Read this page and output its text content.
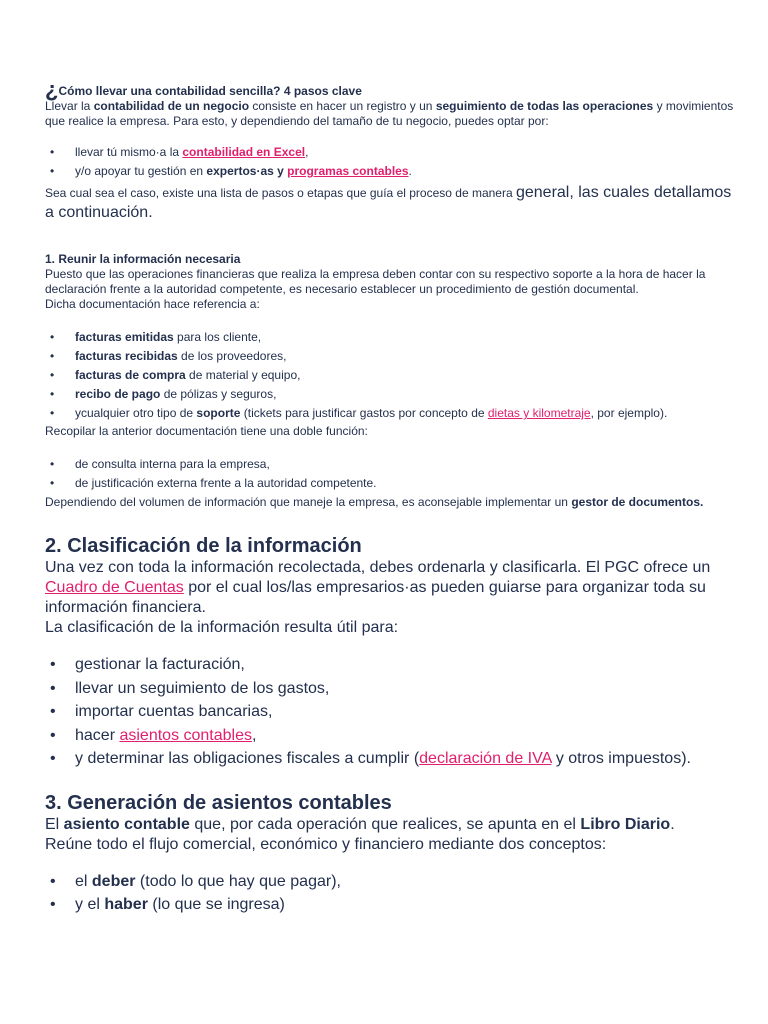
¿Cómo llevar una contabilidad sencilla? 4 pasos clave

Llevar la contabilidad de un negocio consiste en hacer un registro y un seguimiento de todas las operaciones y movimientos que realice la empresa. Para esto, y dependiendo del tamaño de tu negocio, puedes optar por:

• llevar tú mismo·a la contabilidad en Excel,
• y/o apoyar tu gestión en expertos·as y programas contables.

Sea cual sea el caso, existe una lista de pasos o etapas que guía el proceso de manera general, las cuales detallamos a continuación.

1. Reunir la información necesaria

Puesto que las operaciones financieras que realiza la empresa deben contar con su respectivo soporte a la hora de hacer la declaración frente a la autoridad competente, es necesario establecer un procedimiento de gestión documental.

Dicha documentación hace referencia a:

• facturas emitidas para los cliente,
• facturas recibidas de los proveedores,
• facturas de compra de material y equipo,
• recibo de pago de pólizas y seguros,
• ycualquier otro tipo de soporte (tickets para justificar gastos por concepto de dietas y kilometraje, por ejemplo).

Recopilar la anterior documentación tiene una doble función:

• de consulta interna para la empresa,
• de justificación externa frente a la autoridad competente.

Dependiendo del volumen de información que maneje la empresa, es aconsejable implementar un gestor de documentos.

2. Clasificación de la información

Una vez con toda la información recolectada, debes ordenarla y clasificarla. El PGC ofrece un Cuadro de Cuentas por el cual los/las empresarios·as pueden guiarse para organizar toda su información financiera.

La clasificación de la información resulta útil para:

• gestionar la facturación,
• llevar un seguimiento de los gastos,
• importar cuentas bancarias,
• hacer asientos contables,
• y determinar las obligaciones fiscales a cumplir (declaración de IVA y otros impuestos).
3. Generación de asientos contables

El asiento contable que, por cada operación que realices, se apunta en el Libro Diario.

Reúne todo el flujo comercial, económico y financiero mediante dos conceptos:

• el deber (todo lo que hay que pagar),
• y el haber (lo que se ingresa)
